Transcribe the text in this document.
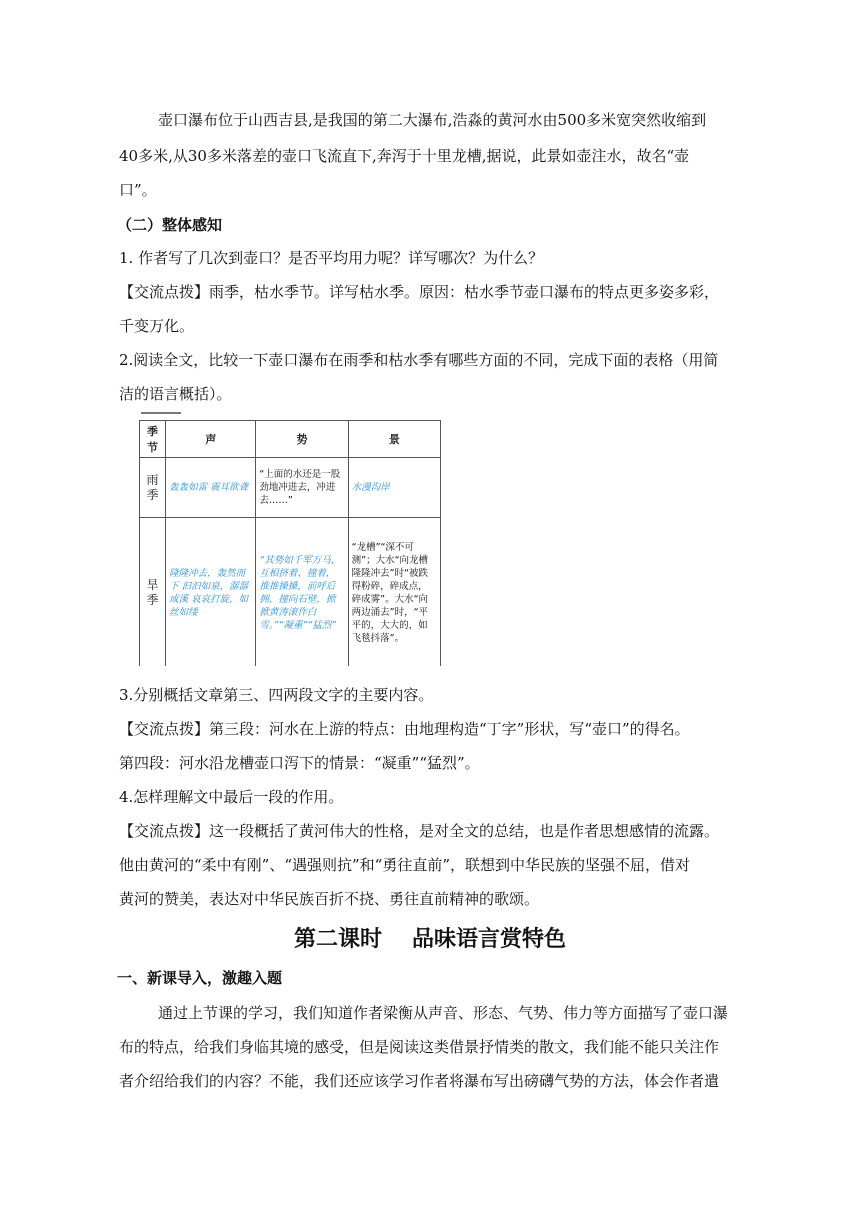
壶口瀑布位于山西吉县,是我国的第二大瀑布,浩淼的黄河水由500多米宽突然收缩到
40多米,从30多米落差的壶口飞流直下,奔泻于十里龙槽,据说，此景如壶注水，故名“壶
口”。
（二）整体感知
1. 作者写了几次到壶口？是否平均用力呢？详写哪次？为什么？
【交流点拨】雨季，枯水季节。详写枯水季。原因：枯水季节壶口瀑布的特点更多姿多彩，
千变万化。
2.阅读全文，比较一下壶口瀑布在雨季和枯水季有哪些方面的不同，完成下面的表格（用简
洁的语言概括）。
季节	声	势	景
雨季	轰轰如雷 震耳欲聋	“上面的水还是一股劲地冲进去，冲进去……”	水漫沟岸
旱季	隆隆冲去，轰然而下 汩汩如泉，潺潺成溪 哀哀打旋，如丝如缕	“其势如千军万马，互相挤着、撞着，推推搡搡，前呼后拥，撞向石壁，掀掀黄涛滚作白雪。”“凝重”“猛烈”	“龙槽”“深不可测”；大水“向龙槽隆隆冲去”时“被跌得粉碎，碎成点，碎成雾”。大水“向两边涌去”时，“平平的，大大的，如飞毯抖落”。
3.分别概括文章第三、四两段文字的主要内容。
【交流点拨】第三段：河水在上游的特点：由地理构造“丁字”形状，写“壶口”的得名。
第四段：河水沿龙槽壶口泻下的情景：“凝重”“猛烈”。
4.怎样理解文中最后一段的作用。
【交流点拨】这一段概括了黄河伟大的性格，是对全文的总结，也是作者思想感情的流露。
他由黄河的“柔中有刚”、“遇强则抗”和“勇往直前”，联想到中华民族的坚强不屈，借对
黄河的赞美，表达对中华民族百折不挠、勇往直前精神的歌颂。
第二课时 品味语言赏特色
一、新课导入，激趣入题
通过上节课的学习，我们知道作者梁衡从声音、形态、气势、伟力等方面描写了壶口瀑
布的特点，给我们身临其境的感受，但是阅读这类借景抒情类的散文，我们能不能只关注作
者介绍给我们的内容？不能，我们还应该学习作者将瀑布写出磅礴气势的方法，体会作者遣
